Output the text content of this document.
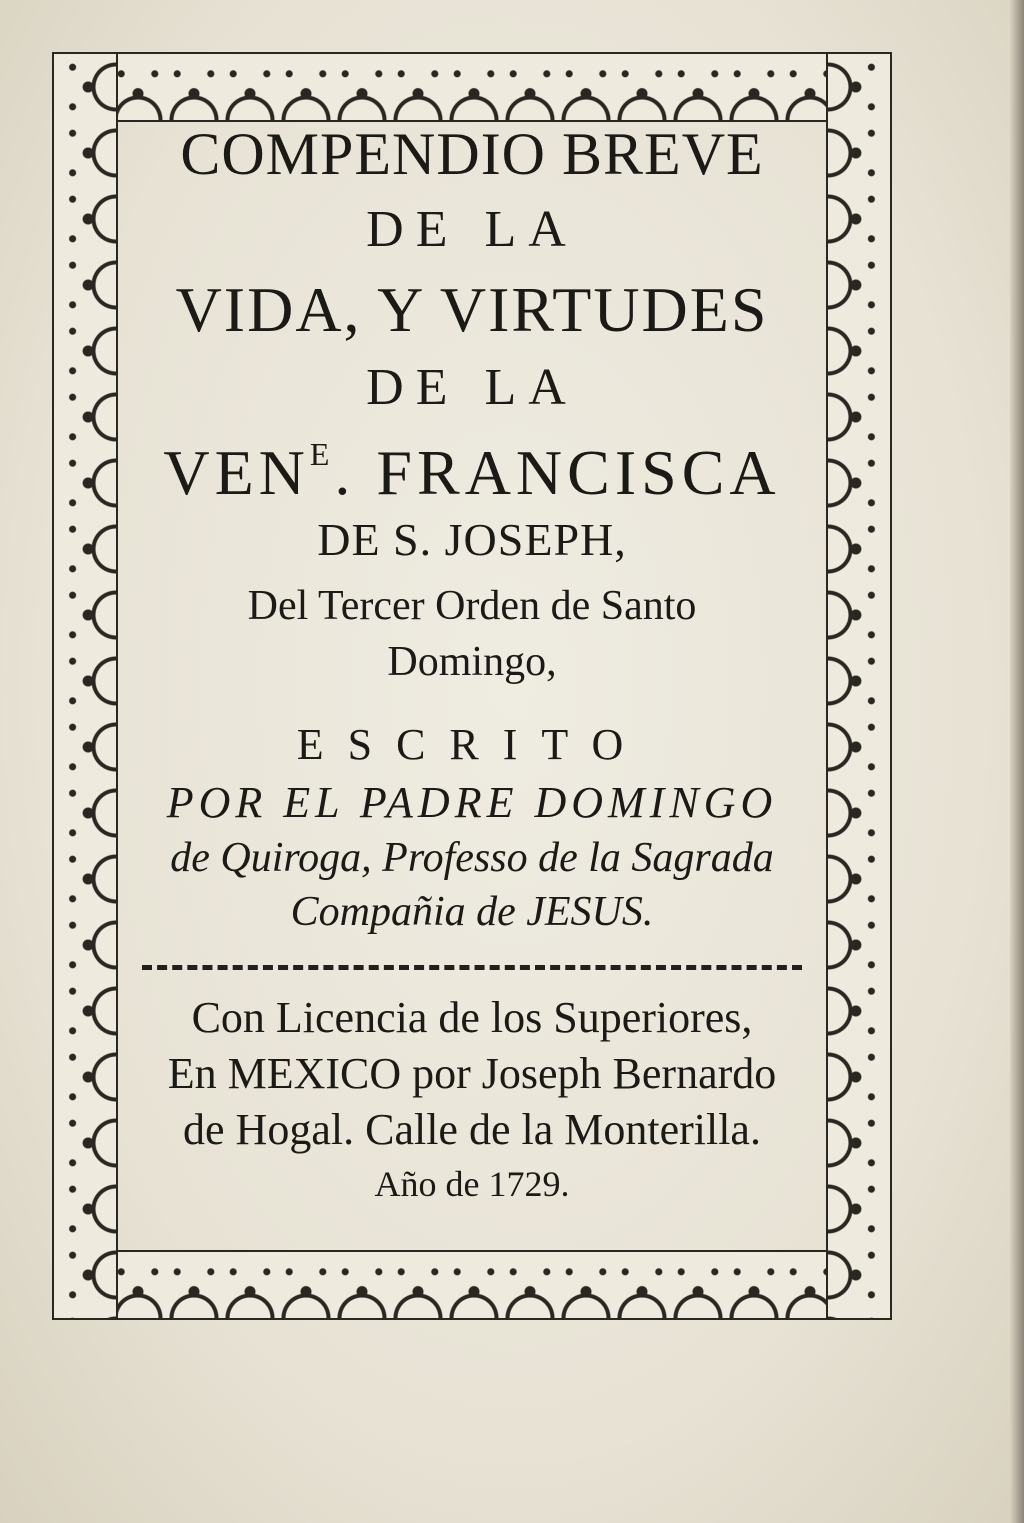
COMPENDIO BREVE
DE LA
VIDA, Y VIRTUDES
DE LA
$VEN^E$. FRANCISCA
DE S. JOSEPH,
Del Tercer Orden de Santo
Domingo,
ESCRITO
POR EL PADRE DOMINGO
de Quiroga, Professo de la Sagrada
Compañia de JESUS.
Con Licencia de los Superiores,
En MEXICO por Joseph Bernardo
de Hogal. Calle de la Monterilla.
Año de 1729.
